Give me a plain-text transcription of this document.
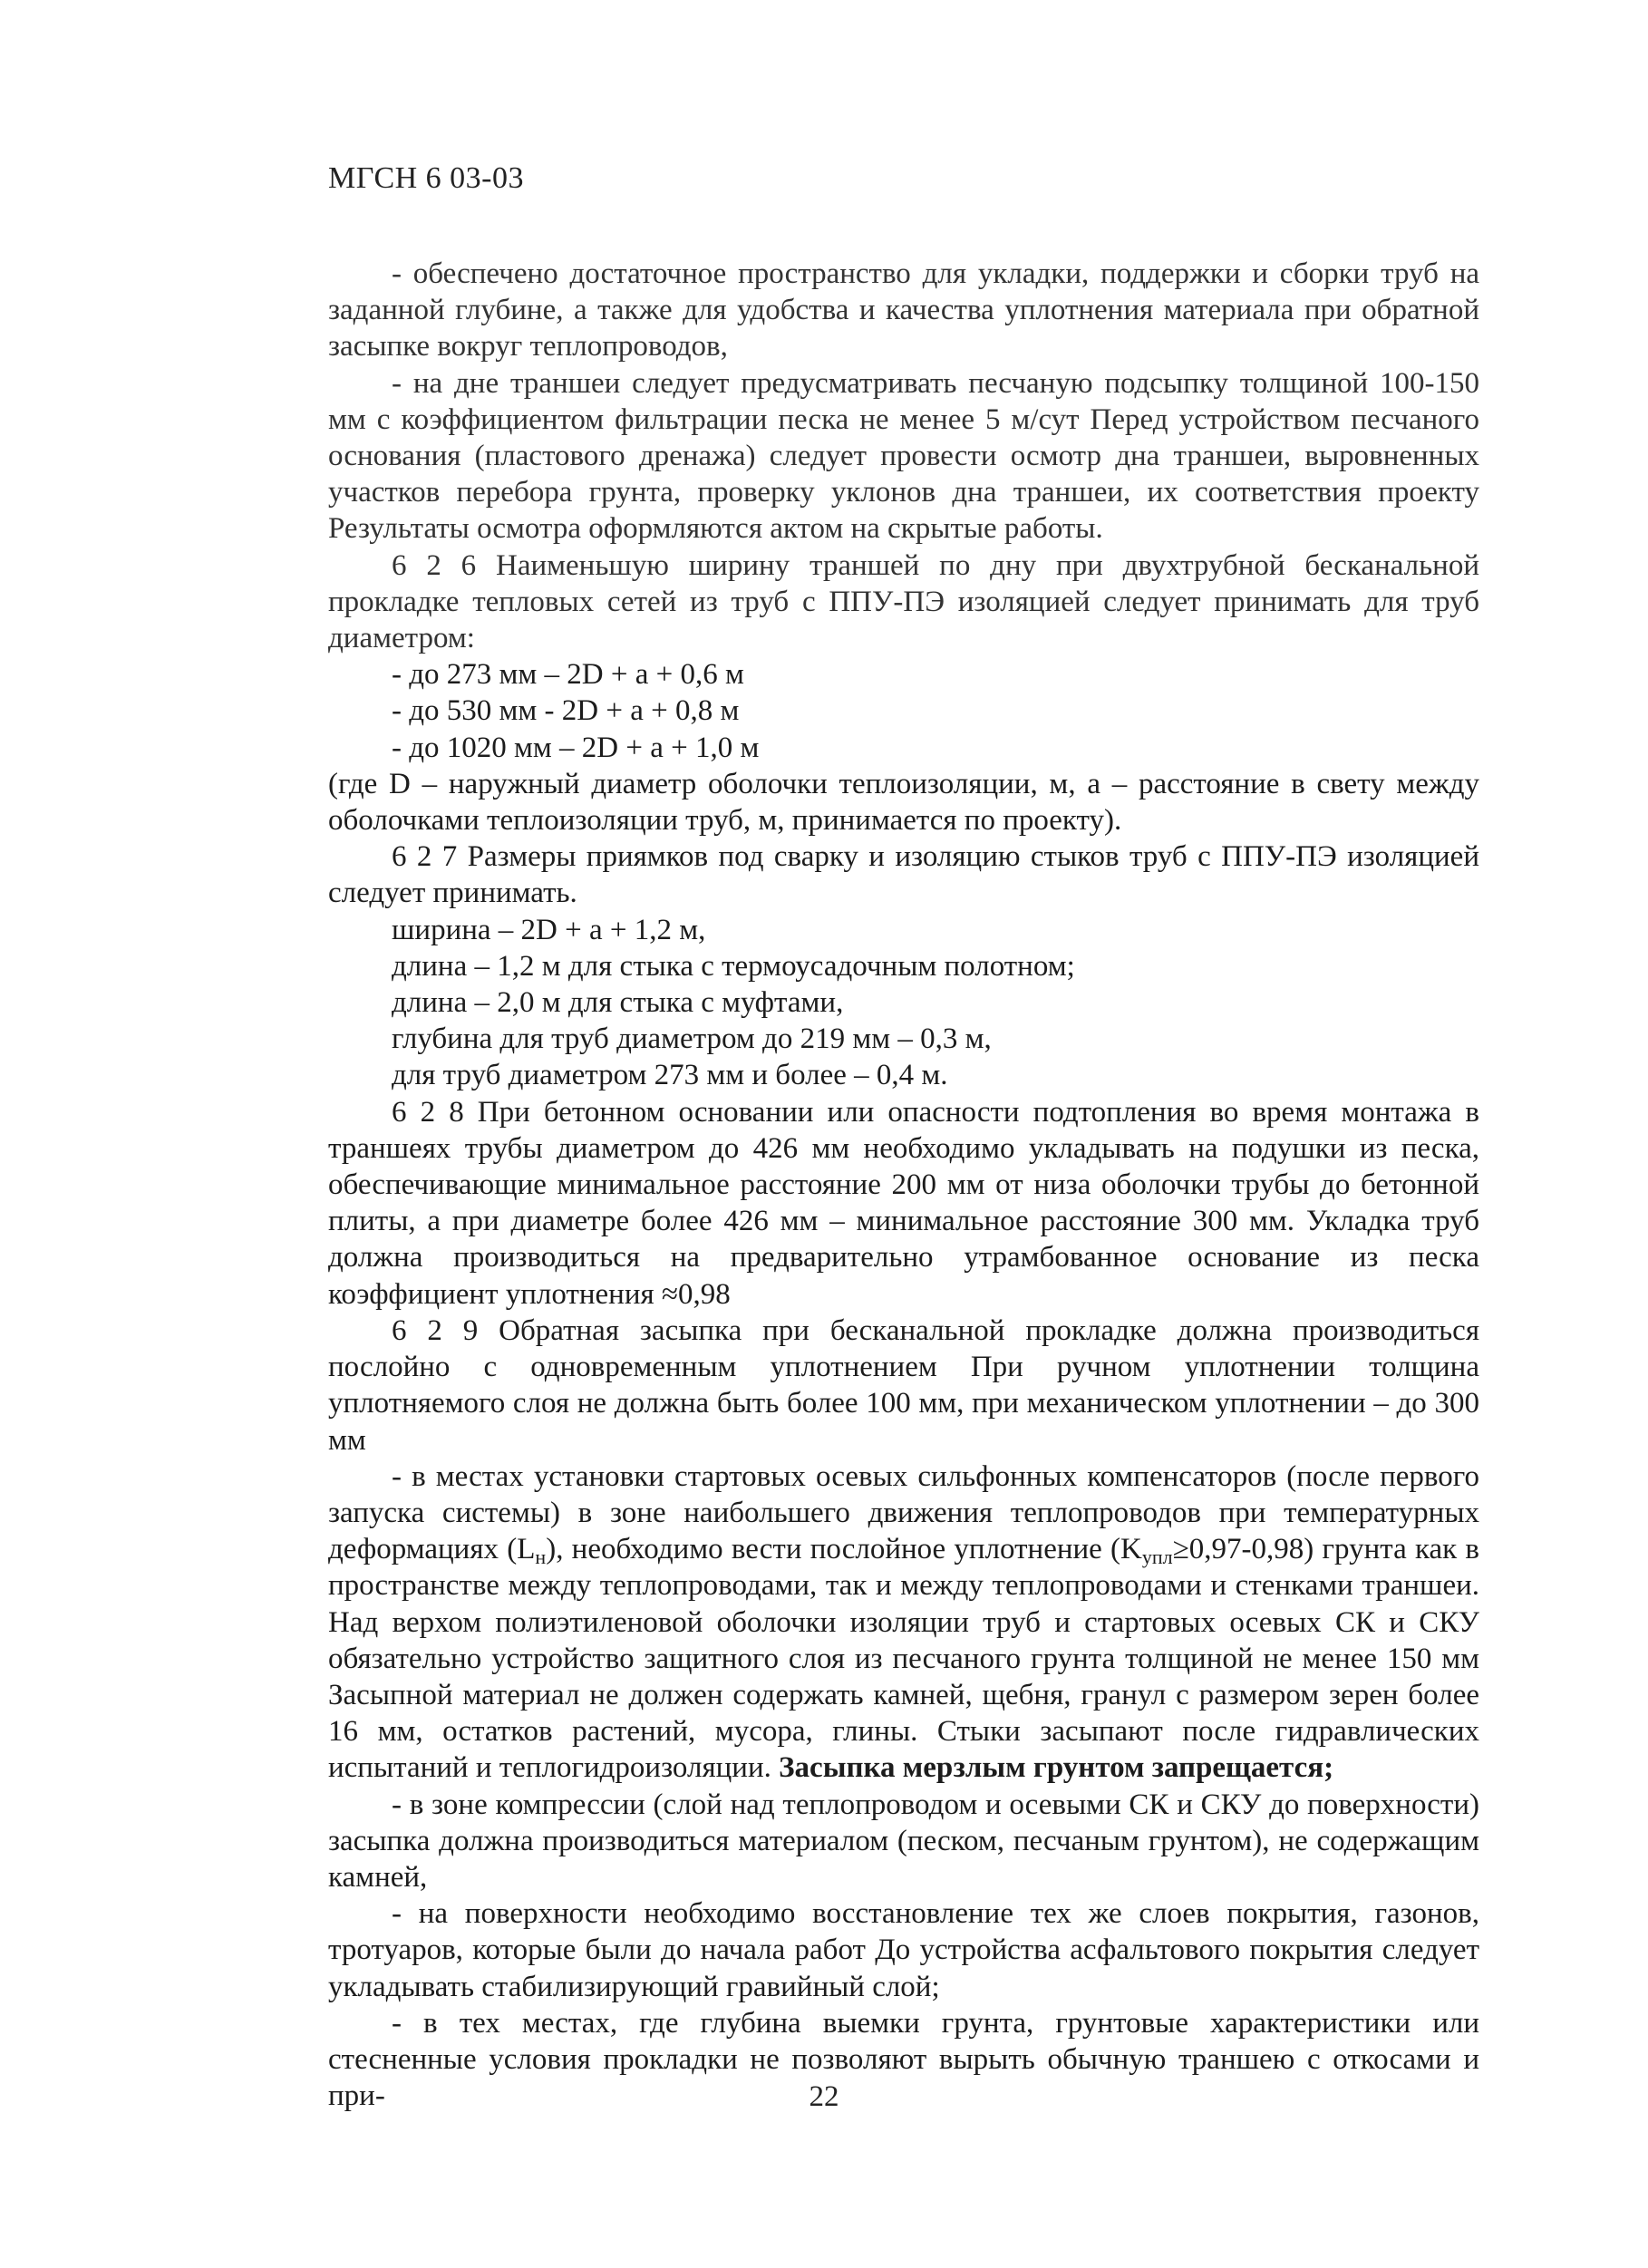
МГСН 6 03-03

- обеспечено достаточное пространство для укладки, поддержки и сборки труб на заданной глубине, а также для удобства и качества уплотнения материала при обратной засыпке вокруг теплопроводов,

- на дне траншеи следует предусматривать песчаную подсыпку толщиной 100-150 мм с коэффициентом фильтрации песка не менее 5 м/сут Перед устройством песчаного основания (пластового дренажа) следует провести осмотр дна траншеи, выровненных участков перебора грунта, проверку уклонов дна траншеи, их соответствия проекту Результаты осмотра оформляются актом на скрытые работы.

6 2 6 Наименьшую ширину траншей по дну при двухтрубной бесканальной прокладке тепловых сетей из труб с ППУ-ПЭ изоляцией следует принимать для труб диаметром:

- до 273 мм – 2D + а + 0,6 м

- до 530 мм - 2D + а + 0,8 м

- до 1020 мм – 2D + а + 1,0 м

(где D – наружный диаметр оболочки теплоизоляции, м, а – расстояние в свету между оболочками теплоизоляции труб, м, принимается по проекту).

6 2 7 Размеры приямков под сварку и изоляцию стыков труб с ППУ-ПЭ изоляцией следует принимать.

ширина – 2D + а + 1,2 м,

длина – 1,2 м для стыка с термоусадочным полотном;

длина – 2,0 м для стыка с муфтами,

глубина для труб диаметром до 219 мм – 0,3 м,

для труб диаметром 273 мм и более – 0,4 м.

6 2 8 При бетонном основании или опасности подтопления во время монтажа в траншеях трубы диаметром до 426 мм необходимо укладывать на подушки из песка, обеспечивающие минимальное расстояние 200 мм от низа оболочки трубы до бетонной плиты, а при диаметре более 426 мм – минимальное расстояние 300 мм. Укладка труб должна производиться на предварительно утрамбованное основание из песка коэффициент уплотнения ≈0,98

6 2 9 Обратная засыпка при бесканальной прокладке должна производиться послойно с одновременным уплотнением При ручном уплотнении толщина уплотняемого слоя не должна быть более 100 мм, при механическом уплотнении – до 300 мм

- в местах установки стартовых осевых сильфонных компенсаторов (после первого запуска системы) в зоне наибольшего движения теплопроводов при температурных деформациях $(L_н)$, необходимо вести послойное уплотнение $(K_{упл}\ge 0,97-0,98)$ грунта как в пространстве между теплопроводами, так и между теплопроводами и стенками траншеи. Над верхом полиэтиленовой оболочки изоляции труб и стартовых осевых СК и СКУ обязательно устройство защитного слоя из песчаного грунта толщиной не менее 150 мм Засыпной материал не должен содержать камней, щебня, гранул с размером зерен более 16 мм, остатков растений, мусора, глины. Стыки засыпают после гидравлических испытаний и теплогидроизоляции. Засыпка мерзлым грунтом запрещается;

- в зоне компрессии (слой над теплопроводом и осевыми СК и СКУ до поверхности) засыпка должна производиться материалом (песком, песчаным грунтом), не содержащим камней,

- на поверхности необходимо восстановление тех же слоев покрытия, газонов, тротуаров, которые были до начала работ До устройства асфальтового покрытия следует укладывать стабилизирующий гравийный слой;

- в тех местах, где глубина выемки грунта, грунтовые характеристики или стесненные условия прокладки не позволяют вырыть обычную траншею с откосами и при-	22
